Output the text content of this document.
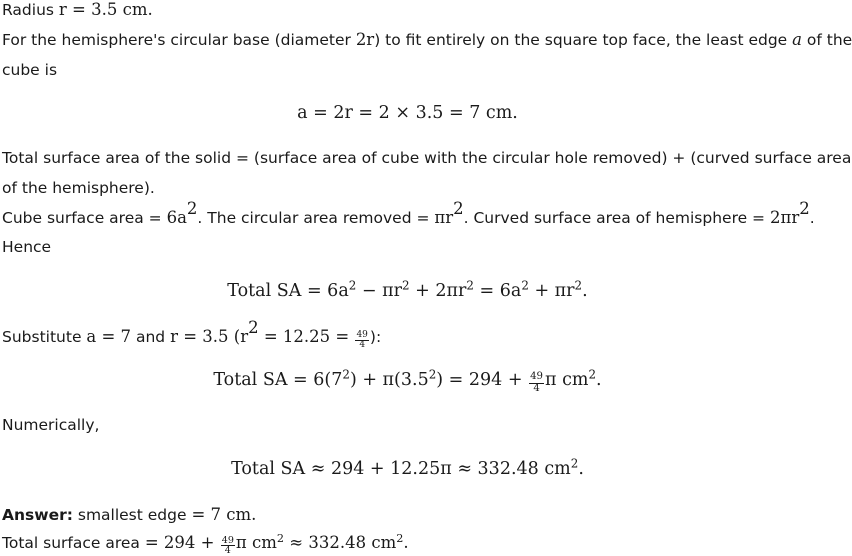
Radius r = 3.5 cm.
For the hemisphere's circular base (diameter 2r) to fit entirely on the square top face, the least edge a of the
cube is
a = 2r = 2 × 3.5 = 7 cm.
Total surface area of the solid = (surface area of cube with the circular hole removed) + (curved surface area
of the hemisphere).
Cube surface area = $6a^2$. The circular area removed = $\pi r^2$. Curved surface area of hemisphere = $2\pi r^2$.
Hence
Total SA = $6a^2 - \pi r^2 + 2\pi r^2 = 6a^2 + \pi r^2$.
Substitute a = 7 and r = 3.5 ($r^2 = 12.25 = \frac{49}{4}$ ):
Total SA = $6(7^2) + \pi(3.5^2) = 294 + \frac{49}{4}$ π $cm^2$.
Numerically,
Total SA ≈ 294 + 12.25π ≈ 332.48 $cm^2$.
Answer: smallest edge = 7 cm.
Total surface area = $294 + \frac{49}{4}$ π $cm^2 \approx 332.48$ $cm^2$.
